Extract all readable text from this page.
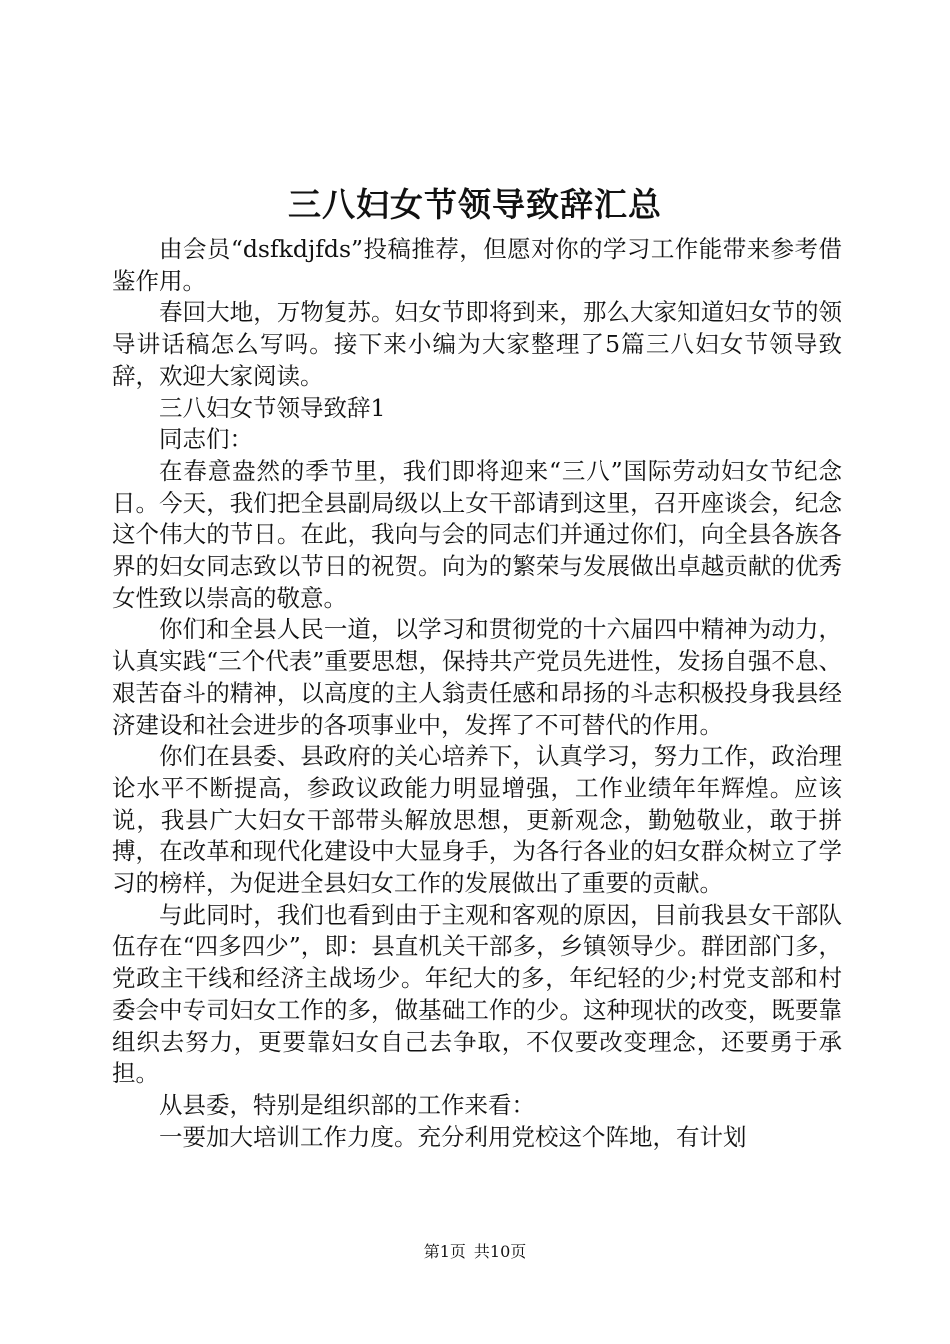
三八妇女节领导致辞汇总

由会员“dsfkdjfds”投稿推荐，但愿对你的学习工作能带来参考借鉴作用。

春回大地，万物复苏。妇女节即将到来，那么大家知道妇女节的领导讲话稿怎么写吗。接下来小编为大家整理了5篇三八妇女节领导致辞，欢迎大家阅读。

三八妇女节领导致辞1

同志们：

在春意盎然的季节里，我们即将迎来“三八”国际劳动妇女节纪念日。今天，我们把全县副局级以上女干部请到这里，召开座谈会，纪念这个伟大的节日。在此，我向与会的同志们并通过你们，向全县各族各界的妇女同志致以节日的祝贺。向为的繁荣与发展做出卓越贡献的优秀女性致以崇高的敬意。

你们和全县人民一道，以学习和贯彻党的十六届四中精神为动力，认真实践“三个代表”重要思想，保持共产党员先进性，发扬自强不息、艰苦奋斗的精神，以高度的主人翁责任感和昂扬的斗志积极投身我县经济建设和社会进步的各项事业中，发挥了不可替代的作用。

你们在县委、县政府的关心培养下，认真学习，努力工作，政治理论水平不断提高，参政议政能力明显增强，工作业绩年年辉煌。应该说，我县广大妇女干部带头解放思想，更新观念，勤勉敬业，敢于拼搏，在改革和现代化建设中大显身手，为各行各业的妇女群众树立了学习的榜样，为促进全县妇女工作的发展做出了重要的贡献。

与此同时，我们也看到由于主观和客观的原因，目前我县女干部队伍存在“四多四少”，即：县直机关干部多，乡镇领导少。群团部门多，党政主干线和经济主战场少。年纪大的多，年纪轻的少;村党支部和村委会中专司妇女工作的多，做基础工作的少。这种现状的改变，既要靠组织去努力，更要靠妇女自己去争取，不仅要改变理念，还要勇于承担。

从县委，特别是组织部的工作来看：

一要加大培训工作力度。充分利用党校这个阵地，有计划

第1页 共10页
